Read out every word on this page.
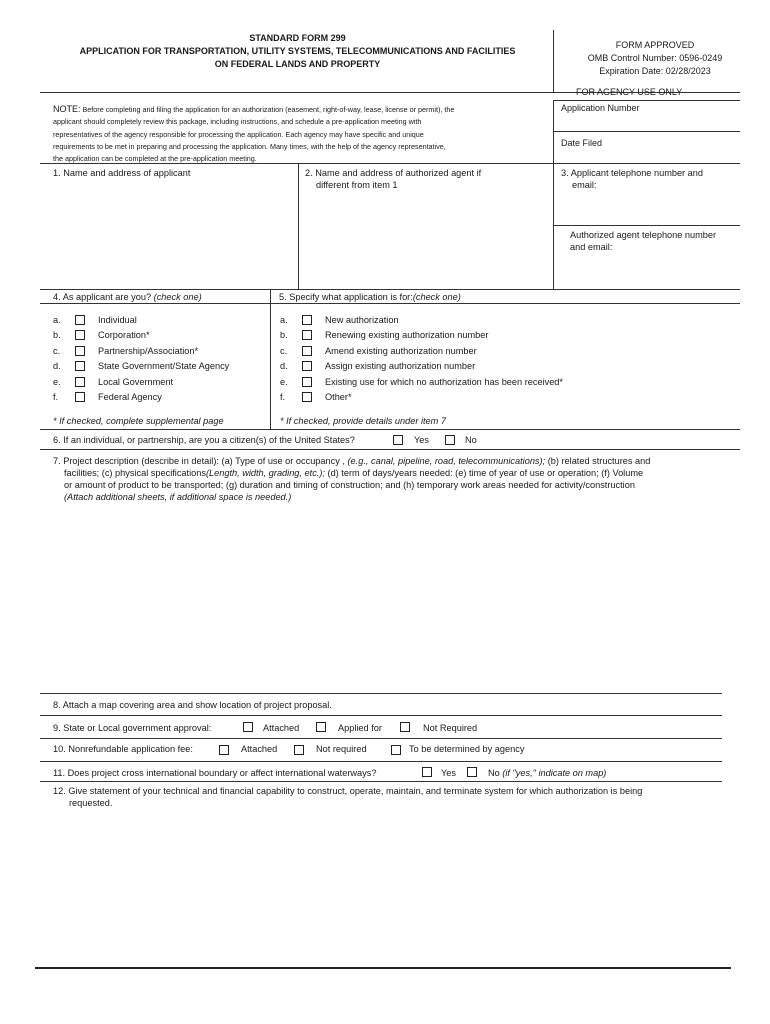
STANDARD FORM 299
APPLICATION FOR TRANSPORTATION, UTILITY SYSTEMS, TELECOMMUNICATIONS AND FACILITIES
ON FEDERAL LANDS AND PROPERTY
FORM APPROVED
OMB Control Number: 0596-0249
Expiration Date: 02/28/2023
FOR AGENCY USE ONLY
Application Number
Date Filed
NOTE: Before completing and filing the application for an authorization (easement, right-of-way, lease, license or permit), the
applicant should completely review this package, including instructions, and schedule a pre-application meeting with
representatives of the agency responsible for processing the application. Each agency may have specific and unique
requirements to be met in preparing and processing the application. Many times, with the help of the agency representative,
the application can be completed at the pre-application meeting.
1. Name and address of applicant	2. Name and address of authorized agent if
different from item 1
3. Applicant telephone number and
email:
Authorized agent telephone number
and email:
4. As applicant are you? (check one)
a.	Individual
b.	Corporation*
c.	Partnership/Association*
d.	State Government/State Agency
e.	Local Government
f.	Federal Agency
* If checked, complete supplemental page
5. Specify what application is for:(check one)
a.	New authorization
b.	Renewing existing authorization number
c.	Amend existing authorization number
d.	Assign existing authorization number
e.	Existing use for which no authorization has been received*
f.	Other*
* If checked, provide details under item 7
6. If an individual, or partnership, are you a citizen(s) of the United States?	Yes	No
7. Project description (describe in detail): (a) Type of use or occupancy , (e.g., canal, pipeline, road, telecommunications); (b) related structures and
facilities; (c) physical specifications(Length, width, grading, etc.); (d) term of days/years needed: (e) time of year of use or operation; (f) Volume
or amount of product to be transported; (g) duration and timing of construction; and (h) temporary work areas needed for activity/construction
(Attach additional sheets, if additional space is needed.)
8. Attach a map covering area and show location of project proposal.
9. State or Local government approval:	Attached	Applied for	Not Required
10. Nonrefundable application fee:	Attached	Not required	To be determined by agency
11. Does project cross international boundary or affect international waterways?	Yes	No (if "yes," indicate on map)
12. Give statement of your technical and financial capability to construct, operate, maintain, and terminate system for which authorization is being
requested.
